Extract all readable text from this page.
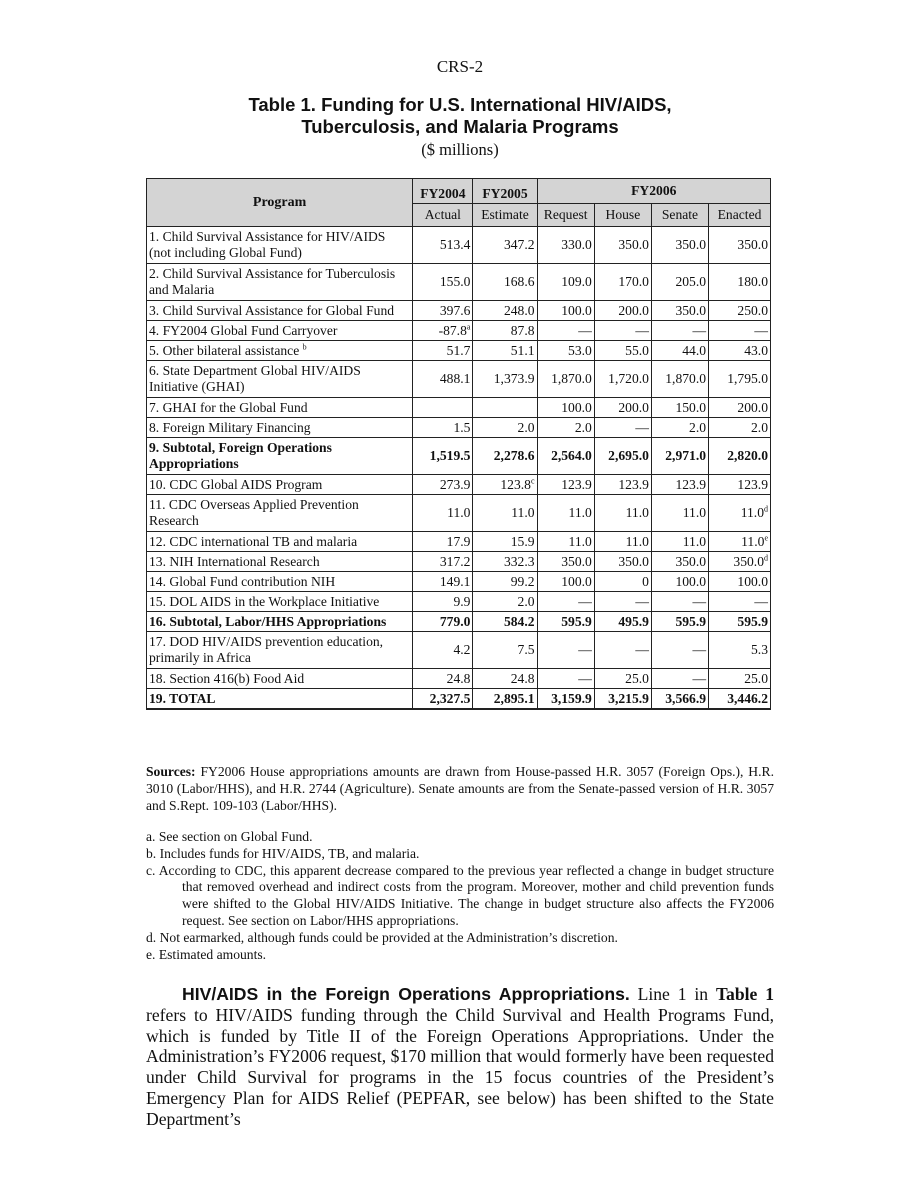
CRS-2
Table 1. Funding for U.S. International HIV/AIDS,
Tuberculosis, and Malaria Programs
($ millions)
Program	FY2004	FY2005	FY2006			
	Actual	Estimate	Request	House	Senate	Enacted
1. Child Survival Assistance for HIV/AIDS (not including Global Fund)	513.4	347.2	330.0	350.0	350.0	350.0
2. Child Survival Assistance for Tuberculosis and Malaria	155.0	168.6	109.0	170.0	205.0	180.0
3. Child Survival Assistance for Global Fund	397.6	248.0	100.0	200.0	350.0	250.0
4. FY2004 Global Fund Carryover	-87.8$^a$	87.8	—	—	—	—
5. Other bilateral assistance $^b$	51.7	51.1	53.0	55.0	44.0	43.0
6. State Department Global HIV/AIDS Initiative (GHAI)	488.1	1,373.9	1,870.0	1,720.0	1,870.0	1,795.0
7. GHAI for the Global Fund			100.0	200.0	150.0	200.0
8. Foreign Military Financing	1.5	2.0	2.0	—	2.0	2.0
9. Subtotal, Foreign Operations Appropriations	1,519.5	2,278.6	2,564.0	2,695.0	2,971.0	2,820.0
10. CDC Global AIDS Program	273.9	123.8$^c$	123.9	123.9	123.9	123.9
11. CDC Overseas Applied Prevention Research	11.0	11.0	11.0	11.0	11.0	11.0$^d$
12. CDC international TB and malaria	17.9	15.9	11.0	11.0	11.0	11.0e
13. NIH International Research	317.2	332.3	350.0	350.0	350.0	350.0$^d$
14. Global Fund contribution NIH	149.1	99.2	100.0	0	100.0	100.0
15. DOL AIDS in the Workplace Initiative	9.9	2.0	—	—	—	—
16. Subtotal, Labor/HHS Appropriations	779.0	584.2	595.9	495.9	595.9	595.9
17. DOD HIV/AIDS prevention education, primarily in Africa	4.2	7.5	—	—	—	5.3
18. Section 416(b) Food Aid	24.8	24.8	—	25.0	—	25.0
19. TOTAL	2,327.5	2,895.1	3,159.9	3,215.9	3,566.9	3,446.2
Sources: FY2006 House appropriations amounts are drawn from House-passed H.R. 3057 (Foreign Ops.), H.R. 3010 (Labor/HHS), and H.R. 2744 (Agriculture). Senate amounts are from the Senate-passed version of H.R. 3057 and S.Rept. 109-103 (Labor/HHS).
a. See section on Global Fund.
b. Includes funds for HIV/AIDS, TB, and malaria.
c. According to CDC, this apparent decrease compared to the previous year reflected a change in budget structure that removed overhead and indirect costs from the program. Moreover, mother and child prevention funds were shifted to the Global HIV/AIDS Initiative. The change in budget structure also affects the FY2006 request. See section on Labor/HHS appropriations.
d. Not earmarked, although funds could be provided at the Administration’s discretion.
e. Estimated amounts.
HIV/AIDS in the Foreign Operations Appropriations. Line 1 in Table 1 refers to HIV/AIDS funding through the Child Survival and Health Programs Fund, which is funded by Title II of the Foreign Operations Appropriations. Under the Administration’s FY2006 request, $170 million that would formerly have been requested under Child Survival for programs in the 15 focus countries of the President’s Emergency Plan for AIDS Relief (PEPFAR, see below) has been shifted to the State Department’s
